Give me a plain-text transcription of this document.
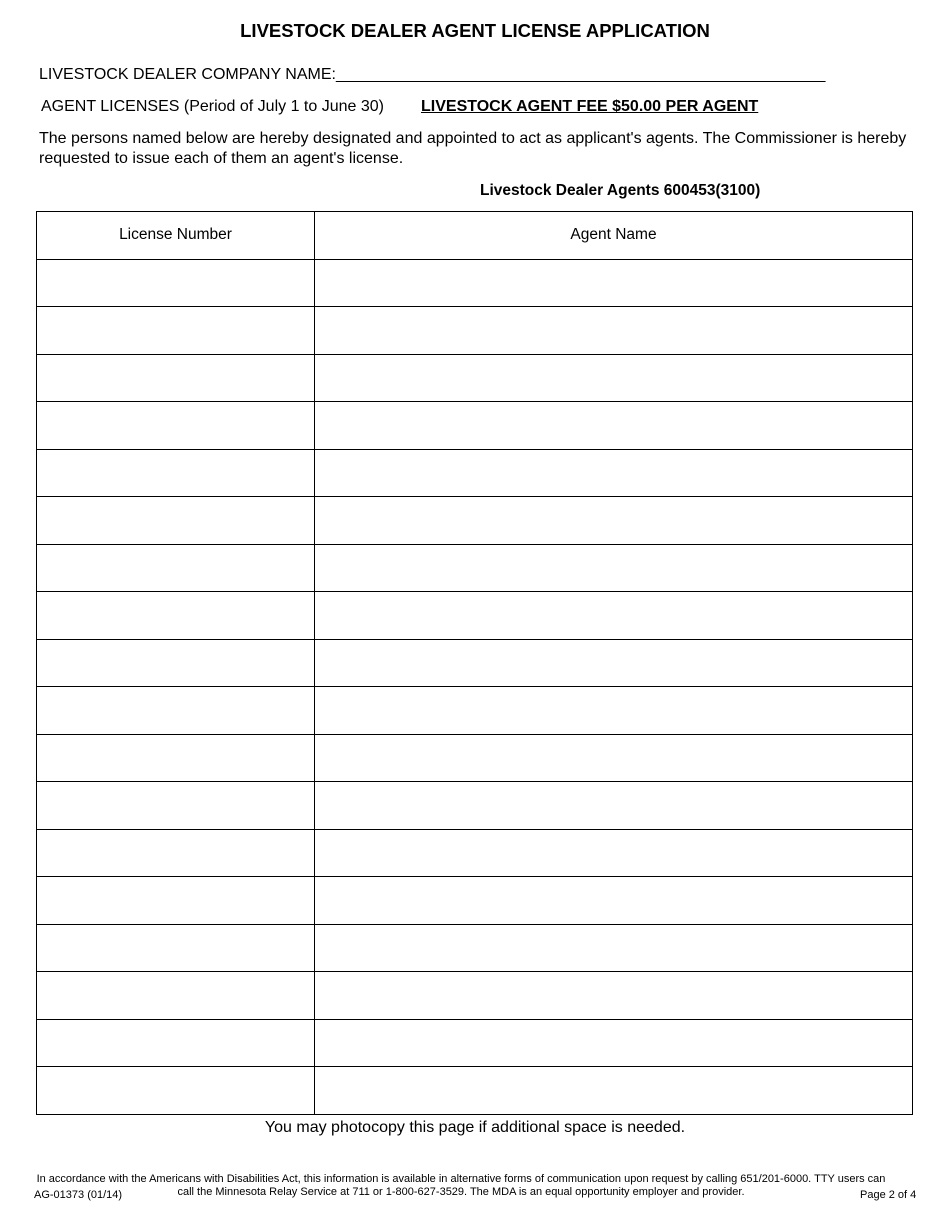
LIVESTOCK DEALER AGENT LICENSE APPLICATION
LIVESTOCK DEALER COMPANY NAME:_______________________________________________________
AGENT LICENSES (Period of July 1 to June 30) LIVESTOCK AGENT FEE $50.00 PER AGENT
The persons named below are hereby designated and appointed to act as applicant's agents. The Commissioner is hereby requested to issue each of them an agent's license.
Livestock Dealer Agents 600453(3100)
License Number	Agent Name

You may photocopy this page if additional space is needed.
In accordance with the Americans with Disabilities Act, this information is available in alternative forms of communication upon request by calling 651/201-6000. TTY users can call the Minnesota Relay Service at 711 or 1-800-627-3529. The MDA is an equal opportunity employer and provider.
AG-01373 (01/14)	Page 2 of 4
